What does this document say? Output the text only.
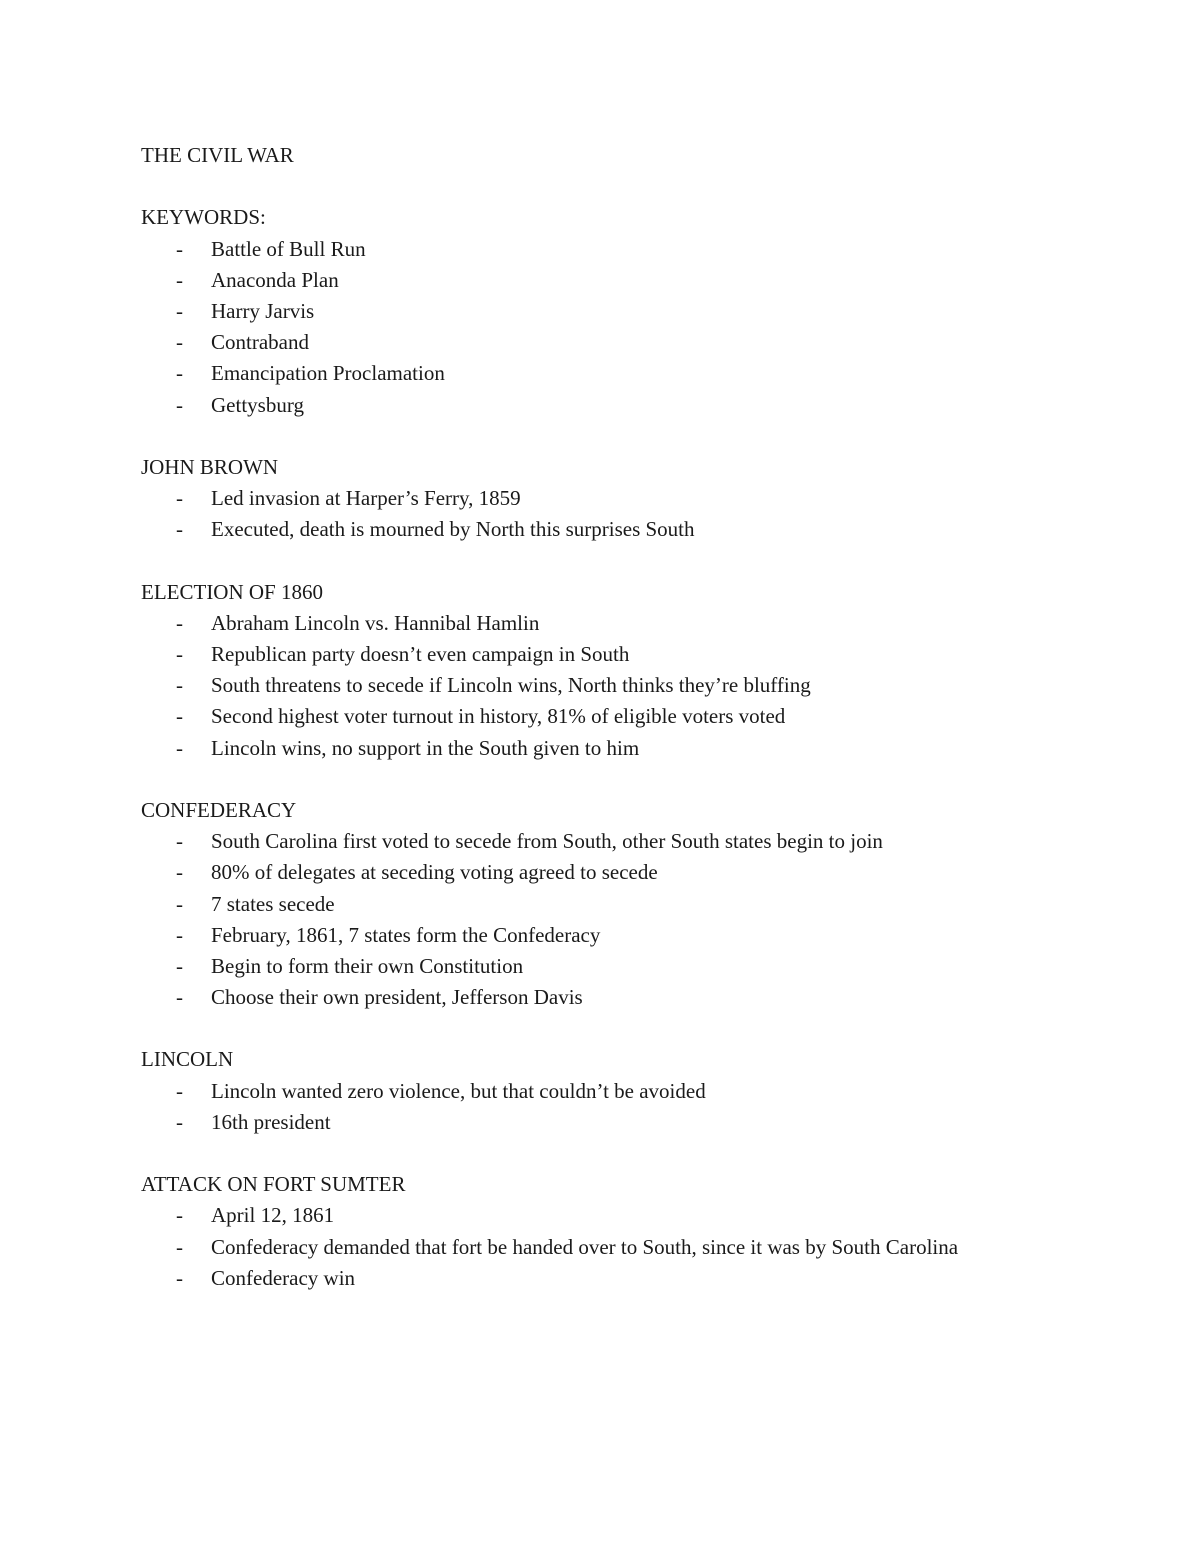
THE CIVIL WAR
KEYWORDS:
- Battle of Bull Run
- Anaconda Plan
- Harry Jarvis
- Contraband
- Emancipation Proclamation
- Gettysburg
JOHN BROWN
- Led invasion at Harper’s Ferry, 1859
- Executed, death is mourned by North this surprises South
ELECTION OF 1860
- Abraham Lincoln vs. Hannibal Hamlin
- Republican party doesn’t even campaign in South
- South threatens to secede if Lincoln wins, North thinks they’re bluffing
- Second highest voter turnout in history, 81% of eligible voters voted
- Lincoln wins, no support in the South given to him
CONFEDERACY
- South Carolina first voted to secede from South, other South states begin to join
- 80% of delegates at seceding voting agreed to secede
- 7 states secede
- February, 1861, 7 states form the Confederacy
- Begin to form their own Constitution
- Choose their own president, Jefferson Davis
LINCOLN
- Lincoln wanted zero violence, but that couldn’t be avoided
- 16th president
ATTACK ON FORT SUMTER
- April 12, 1861
- Confederacy demanded that fort be handed over to South, since it was by South Carolina
- Confederacy win
